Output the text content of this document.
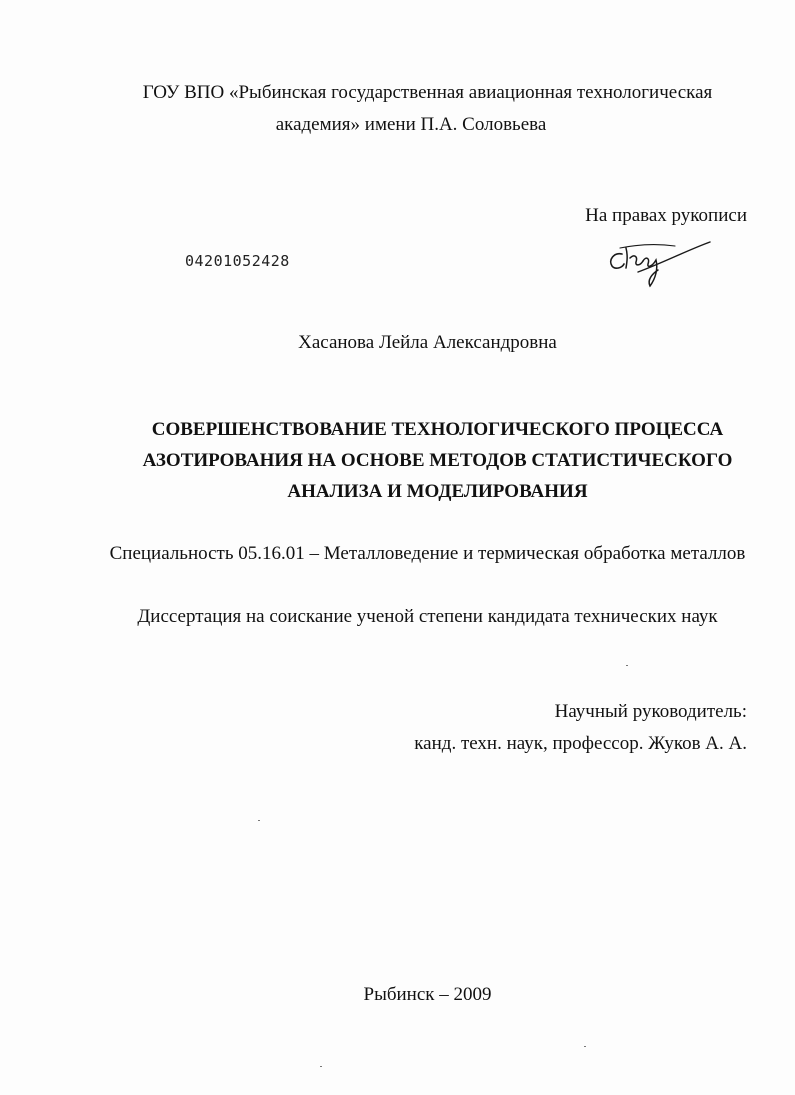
ГОУ ВПО «Рыбинская государственная авиационная технологическая
академия» имени П.А. Соловьева
На правах рукописи
04201052428
Хасанова Лейла Александровна
СОВЕРШЕНСТВОВАНИЕ ТЕХНОЛОГИЧЕСКОГО ПРОЦЕССА
АЗОТИРОВАНИЯ НА ОСНОВЕ МЕТОДОВ СТАТИСТИЧЕСКОГО
АНАЛИЗА И МОДЕЛИРОВАНИЯ
Специальность 05.16.01 – Металловедение и термическая обработка металлов
Диссертация на соискание ученой степени кандидата технических наук
Научный руководитель:
канд. техн. наук, профессор. Жуков А. А.
Рыбинск – 2009
